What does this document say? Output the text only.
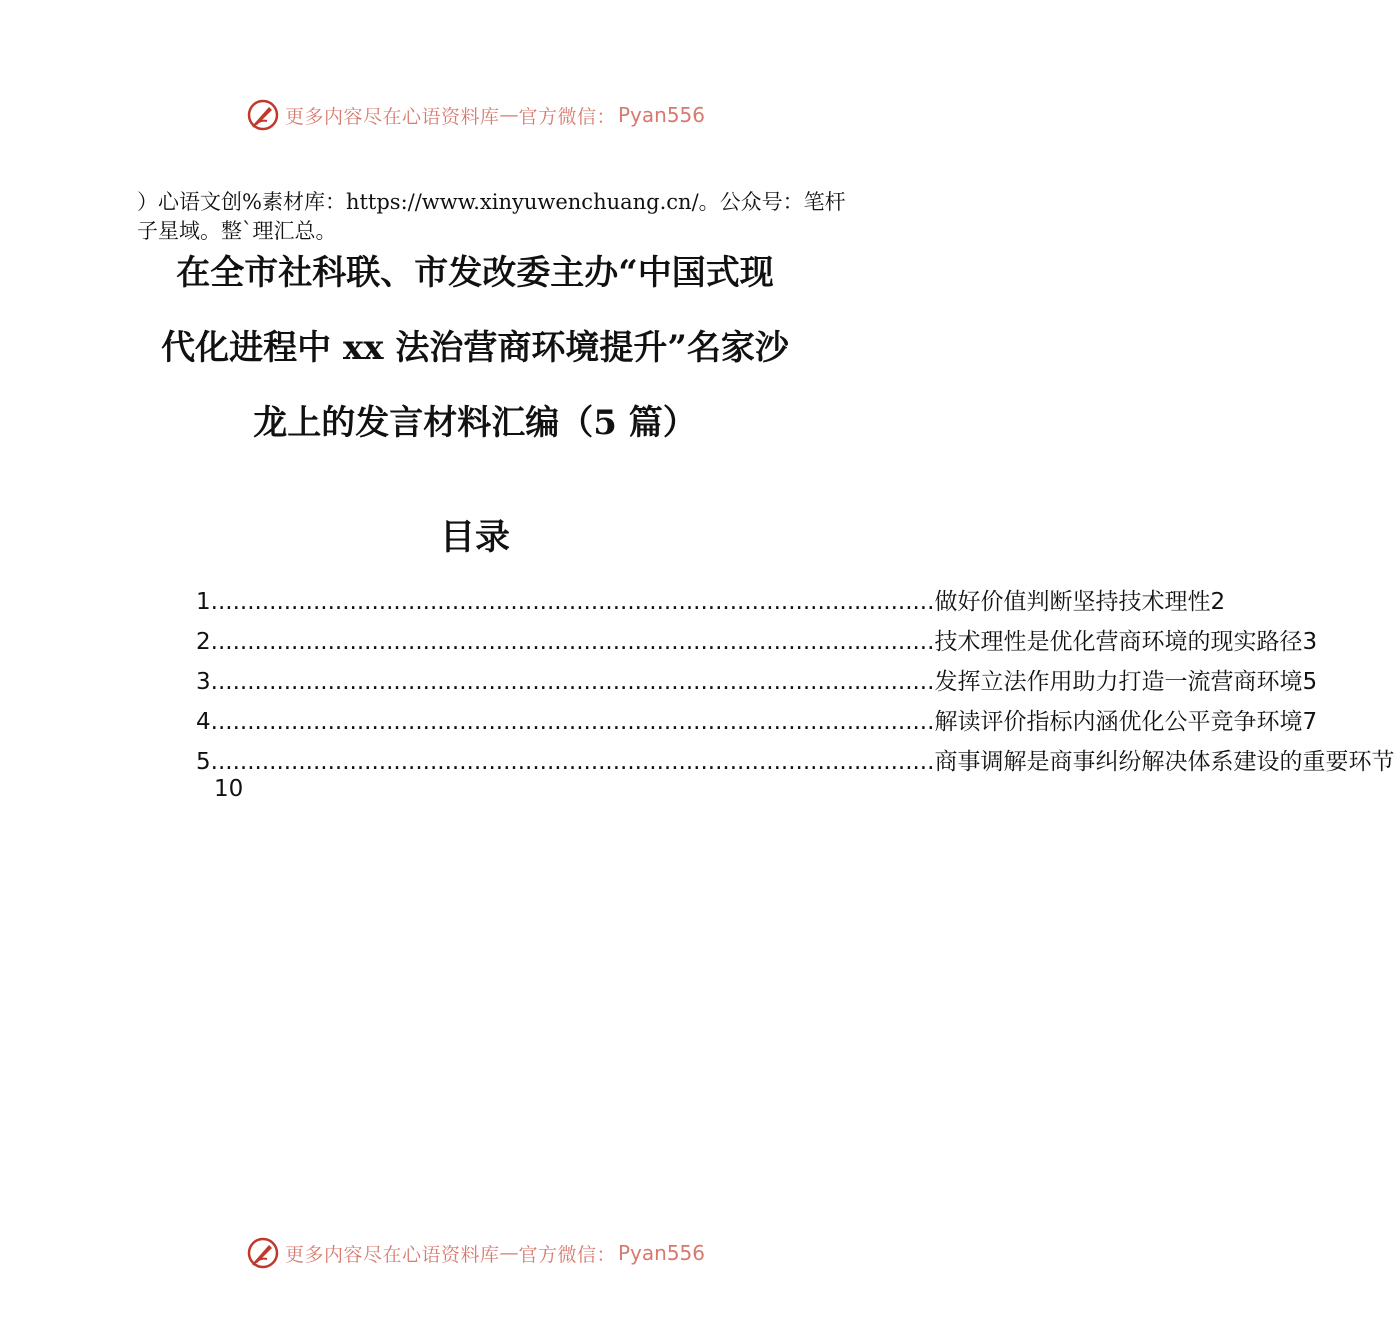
更多内容尽在心语资料库 — 官方微信： Pyan556
）心语文创%素材库：https://www.xinyuwenchuang.cn/。公众号：笔杆子星域。整`理汇总。
在全市社科联、市发改委主办“中国式现
代化进程中 xx 法治营商环境提升”名家沙
龙上的发言材料汇编（5 篇）
目录
1 ................................................................................................... 做好价值判断坚持技术理性 2
2 ................................................................................................... 技术理性是优化营商环境的现实路径 3
3 ................................................................................................... 发挥立法作用助力打造一流营商环境 5
4 ................................................................................................... 解读评价指标内涵优化公平竞争环境 7
5 ................................................................................................... 商事调解是商事纠纷解决体系建设的重要环节
10
更多内容尽在心语资料库 — 官方微信： Pyan556
